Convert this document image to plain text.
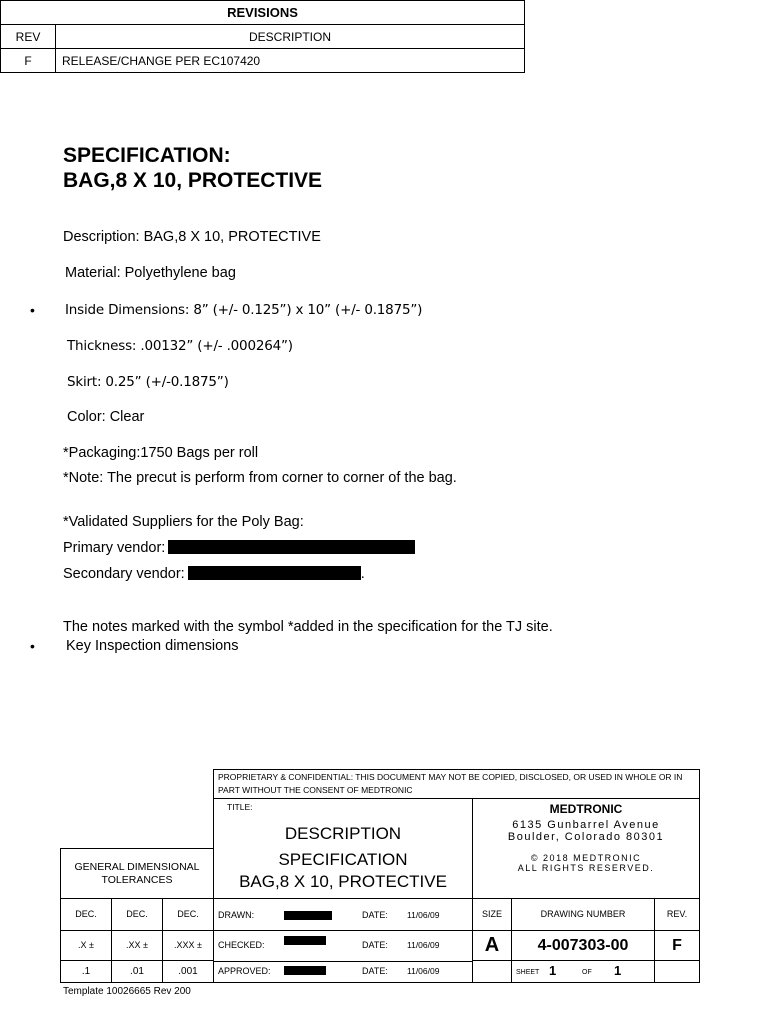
REVISIONS	
REV	DESCRIPTION
F	RELEASE/CHANGE PER EC107420
SPECIFICATION:
BAG,8 X 10, PROTECTIVE
Description: BAG,8 X 10, PROTECTIVE
Material: Polyethylene bag
• Inside Dimensions: 8” (+/- 0.125”) x 10” (+/- 0.1875”)
Thickness: .00132” (+/- .000264”)
Skirt: 0.25” (+/-0.1875”)
Color: Clear
*Packaging:1750 Bags per roll
*Note: The precut is perform from corner to corner of the bag.
*Validated Suppliers for the Poly Bag:
Primary vendor:
Secondary vendor:	.
The notes marked with the symbol *added in the specification for the TJ site.
• Key Inspection dimensions
PROPRIETARY & CONFIDENTIAL: THIS DOCUMENT MAY NOT BE COPIED, DISCLOSED, OR USED IN WHOLE OR IN PART WITHOUT THE CONSENT OF MEDTRONIC
TITLE:
DESCRIPTION
SPECIFICATION
BAG,8 X 10, PROTECTIVE
MEDTRONIC
6135 Gunbarrel Avenue
Boulder, Colorado 80301
© 2018 MEDTRONIC
ALL RIGHTS RESERVED.
GENERAL DIMENSIONAL TOLERANCES
DEC.	DEC.	DEC.
.X ±	.XX ±	.XXX ±
.1	.01	.001
DRAWN:	DATE: 11/06/09
CHECKED:	DATE: 11/06/09
APPROVED:	DATE: 11/06/09
SIZE	DRAWING NUMBER	REV.
A	4-007303-00	F
SHEET 1	OF 1
Template 10026665 Rev 200
